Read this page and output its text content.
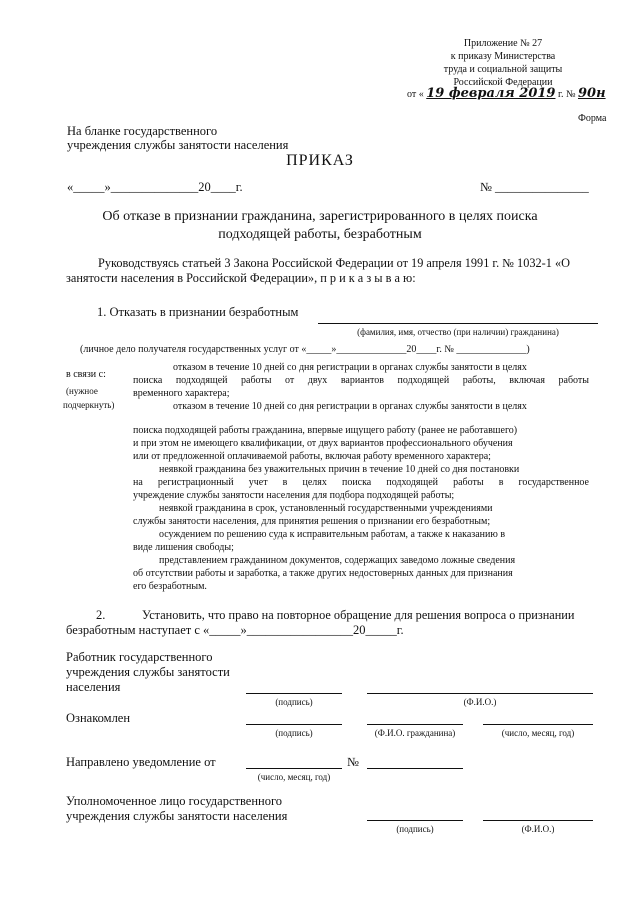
Приложение № 27
к приказу Министерства
труда и социальной защиты
Российской Федерации
от « 19 февраля 2019 г. № 90н
Форма
На бланке государственного
учреждения службы занятости населения
ПРИКАЗ
«_____»______________20____г.	№ _______________
Об отказе в признании гражданина, зарегистрированного в целях поиска
подходящей работы, безработным
Руководствуясь статьей 3 Закона Российской Федерации от 19 апреля 1991 г. № 1032-1 «О
занятости населения в Российской Федерации», п р и к а з ы в а ю:
1. Отказать в признании безработным
(фамилия, имя, отчество (при наличии) гражданина)
(личное дело получателя государственных услуг от «_____»______________20____г. № ______________)
в связи с:
(нужное
подчеркнуть)
отказом в течение 10 дней со дня регистрации в органах службы занятости в целях
поиска подходящей работы от двух вариантов подходящей работы, включая работы
временного характера;
отказом в течение 10 дней со дня регистрации в органах службы занятости в целях
поиска подходящей работы гражданина, впервые ищущего работу (ранее не работавшего)
и при этом не имеющего квалификации, от двух вариантов профессионального обучения
или от предложенной оплачиваемой работы, включая работу временного характера;
неявкой гражданина без уважительных причин в течение 10 дней со дня постановки
на регистрационный учет в целях поиска подходящей работы в государственное
учреждение службы занятости населения для подбора подходящей работы;
неявкой гражданина в срок, установленный государственными учреждениями
службы занятости населения, для принятия решения о признании его безработным;
осуждением по решению суда к исправительным работам, а также к наказанию в
виде лишения свободы;
представлением гражданином документов, содержащих заведомо ложные сведения
об отсутствии работы и заработка, а также других недостоверных данных для признания
его безработным.
2.	Установить, что право на повторное обращение для решения вопроса о признании
безработным наступает с «_____»_________________20_____г.
Работник государственного
учреждения службы занятости
населения
(подпись)	(Ф.И.О.)
Ознакомлен
(подпись)	(Ф.И.О. гражданина)	(число, месяц, год)
Направлено уведомление от
(число, месяц, год)
№
Уполномоченное лицо государственного
учреждения службы занятости населения
(подпись)	(Ф.И.О.)
